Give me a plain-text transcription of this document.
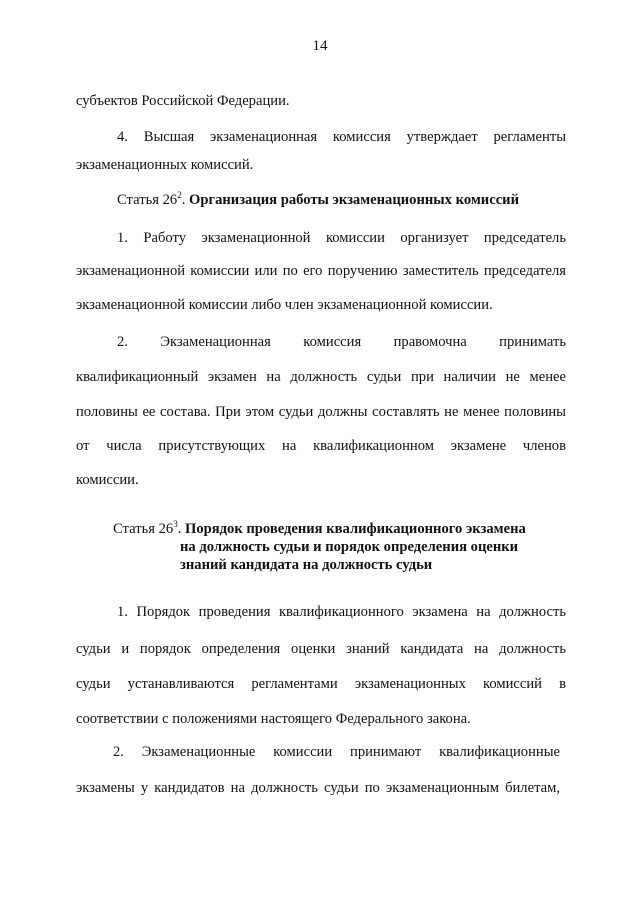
14
субъектов Российской Федерации.
4. Высшая экзаменационная комиссия утверждает регламенты
экзаменационных комиссий.
Статья $26^2$. Организация работы экзаменационных комиссий
1. Работу экзаменационной комиссии организует председатель
экзаменационной комиссии или по его поручению заместитель председателя
экзаменационной комиссии либо член экзаменационной комиссии.
2. Экзаменационная комиссия правомочна принимать
квалификационный экзамен на должность судьи при наличии не менее
половины ее состава. При этом судьи должны составлять не менее половины
от числа присутствующих на квалификационном экзамене членов
комиссии.
Статья $26^3$. Порядок проведения квалификационного экзамена
на должность судьи и порядок определения оценки
знаний кандидата на должность судьи
1. Порядок проведения квалификационного экзамена на должность
судьи и порядок определения оценки знаний кандидата на должность
судьи устанавливаются регламентами экзаменационных комиссий в
соответствии с положениями настоящего Федерального закона.
2. Экзаменационные комиссии принимают квалификационные
экзамены у кандидатов на должность судьи по экзаменационным билетам,
